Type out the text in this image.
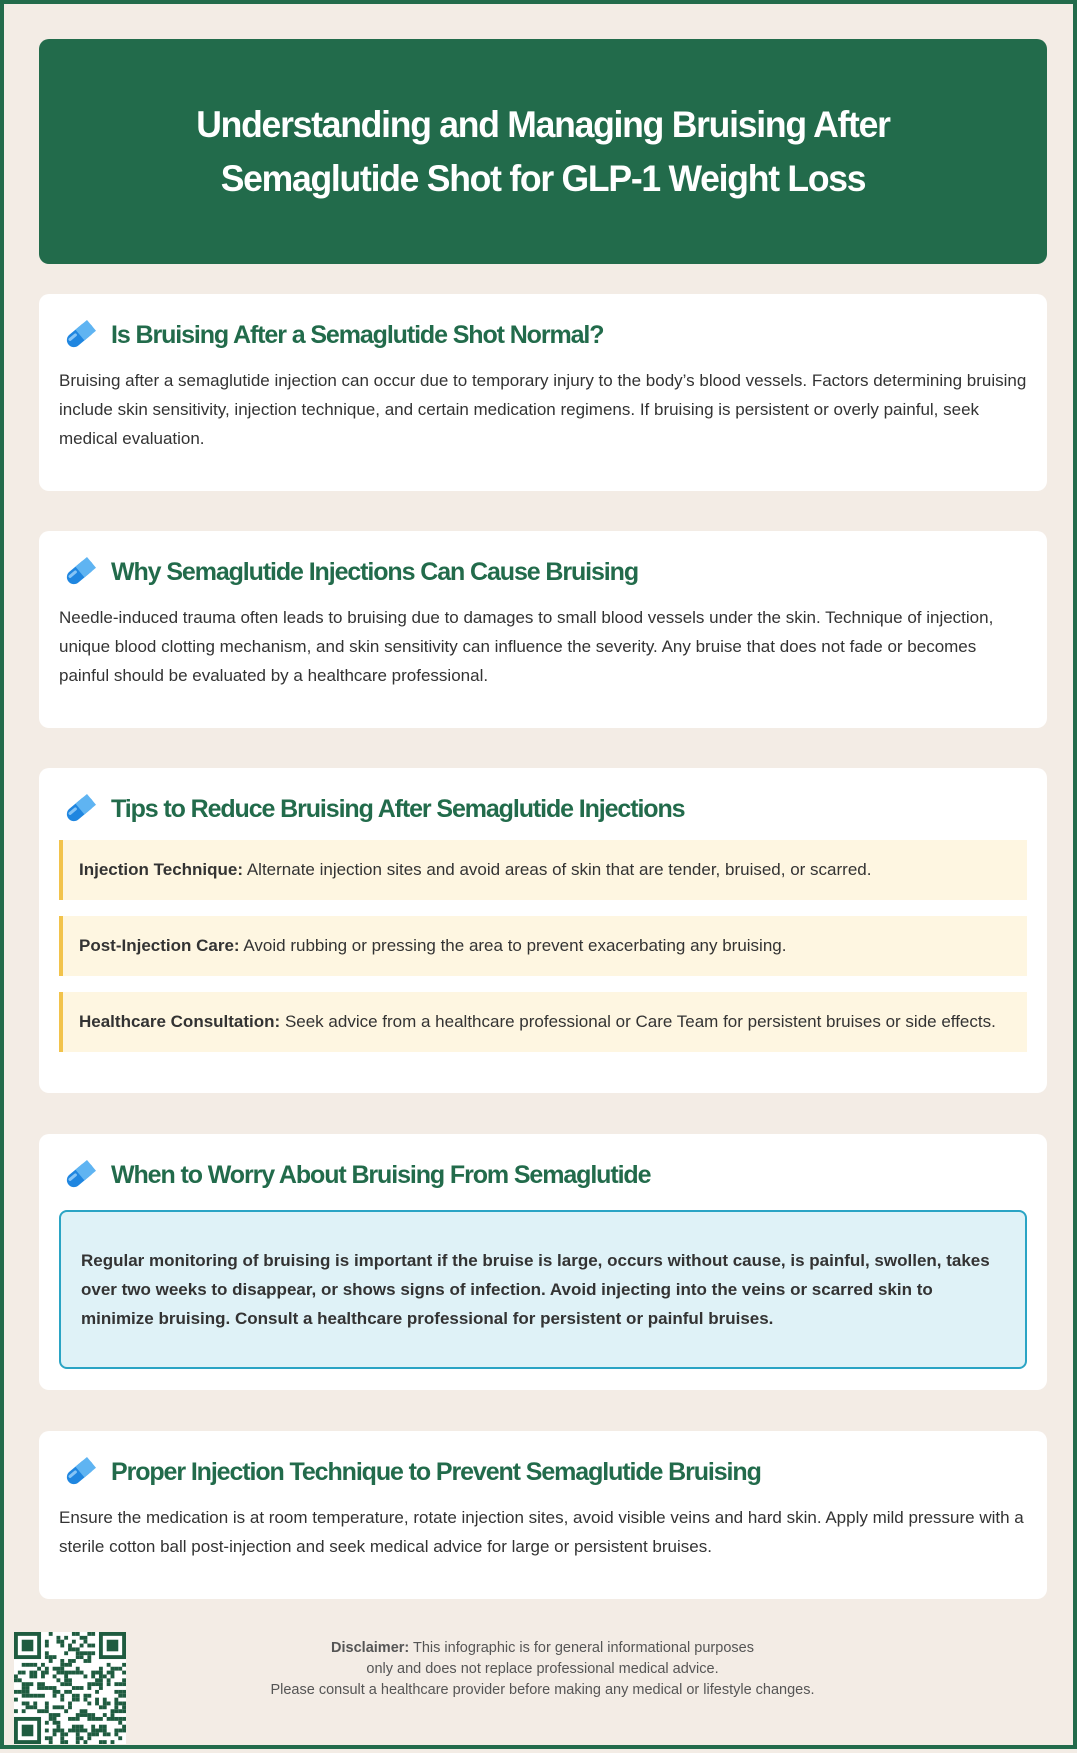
Understanding and Managing Bruising After Semaglutide Shot for GLP-1 Weight Loss
Is Bruising After a Semaglutide Shot Normal?

Bruising after a semaglutide injection can occur due to temporary injury to the body’s blood vessels. Factors determining bruising include skin sensitivity, injection technique, and certain medication regimens. If bruising is persistent or overly painful, seek medical evaluation.

Why Semaglutide Injections Can Cause Bruising

Needle-induced trauma often leads to bruising due to damages to small blood vessels under the skin. Technique of injection, unique blood clotting mechanism, and skin sensitivity can influence the severity. Any bruise that does not fade or becomes painful should be evaluated by a healthcare professional.

Tips to Reduce Bruising After Semaglutide Injections
Injection Technique: Alternate injection sites and avoid areas of skin that are tender, bruised, or scarred.
Post-Injection Care: Avoid rubbing or pressing the area to prevent exacerbating any bruising.
Healthcare Consultation: Seek advice from a healthcare professional or Care Team for persistent bruises or side effects.
When to Worry About Bruising From Semaglutide
Regular monitoring of bruising is important if the bruise is large, occurs without cause, is painful, swollen, takes over two weeks to disappear, or shows signs of infection. Avoid injecting into the veins or scarred skin to minimize bruising. Consult a healthcare professional for persistent or painful bruises.
Proper Injection Technique to Prevent Semaglutide Bruising

Ensure the medication is at room temperature, rotate injection sites, avoid visible veins and hard skin. Apply mild pressure with a sterile cotton ball post-injection and seek medical advice for large or persistent bruises.

Disclaimer: This infographic is for general informational purposes
only and does not replace professional medical advice.
Please consult a healthcare provider before making any medical or lifestyle changes.
